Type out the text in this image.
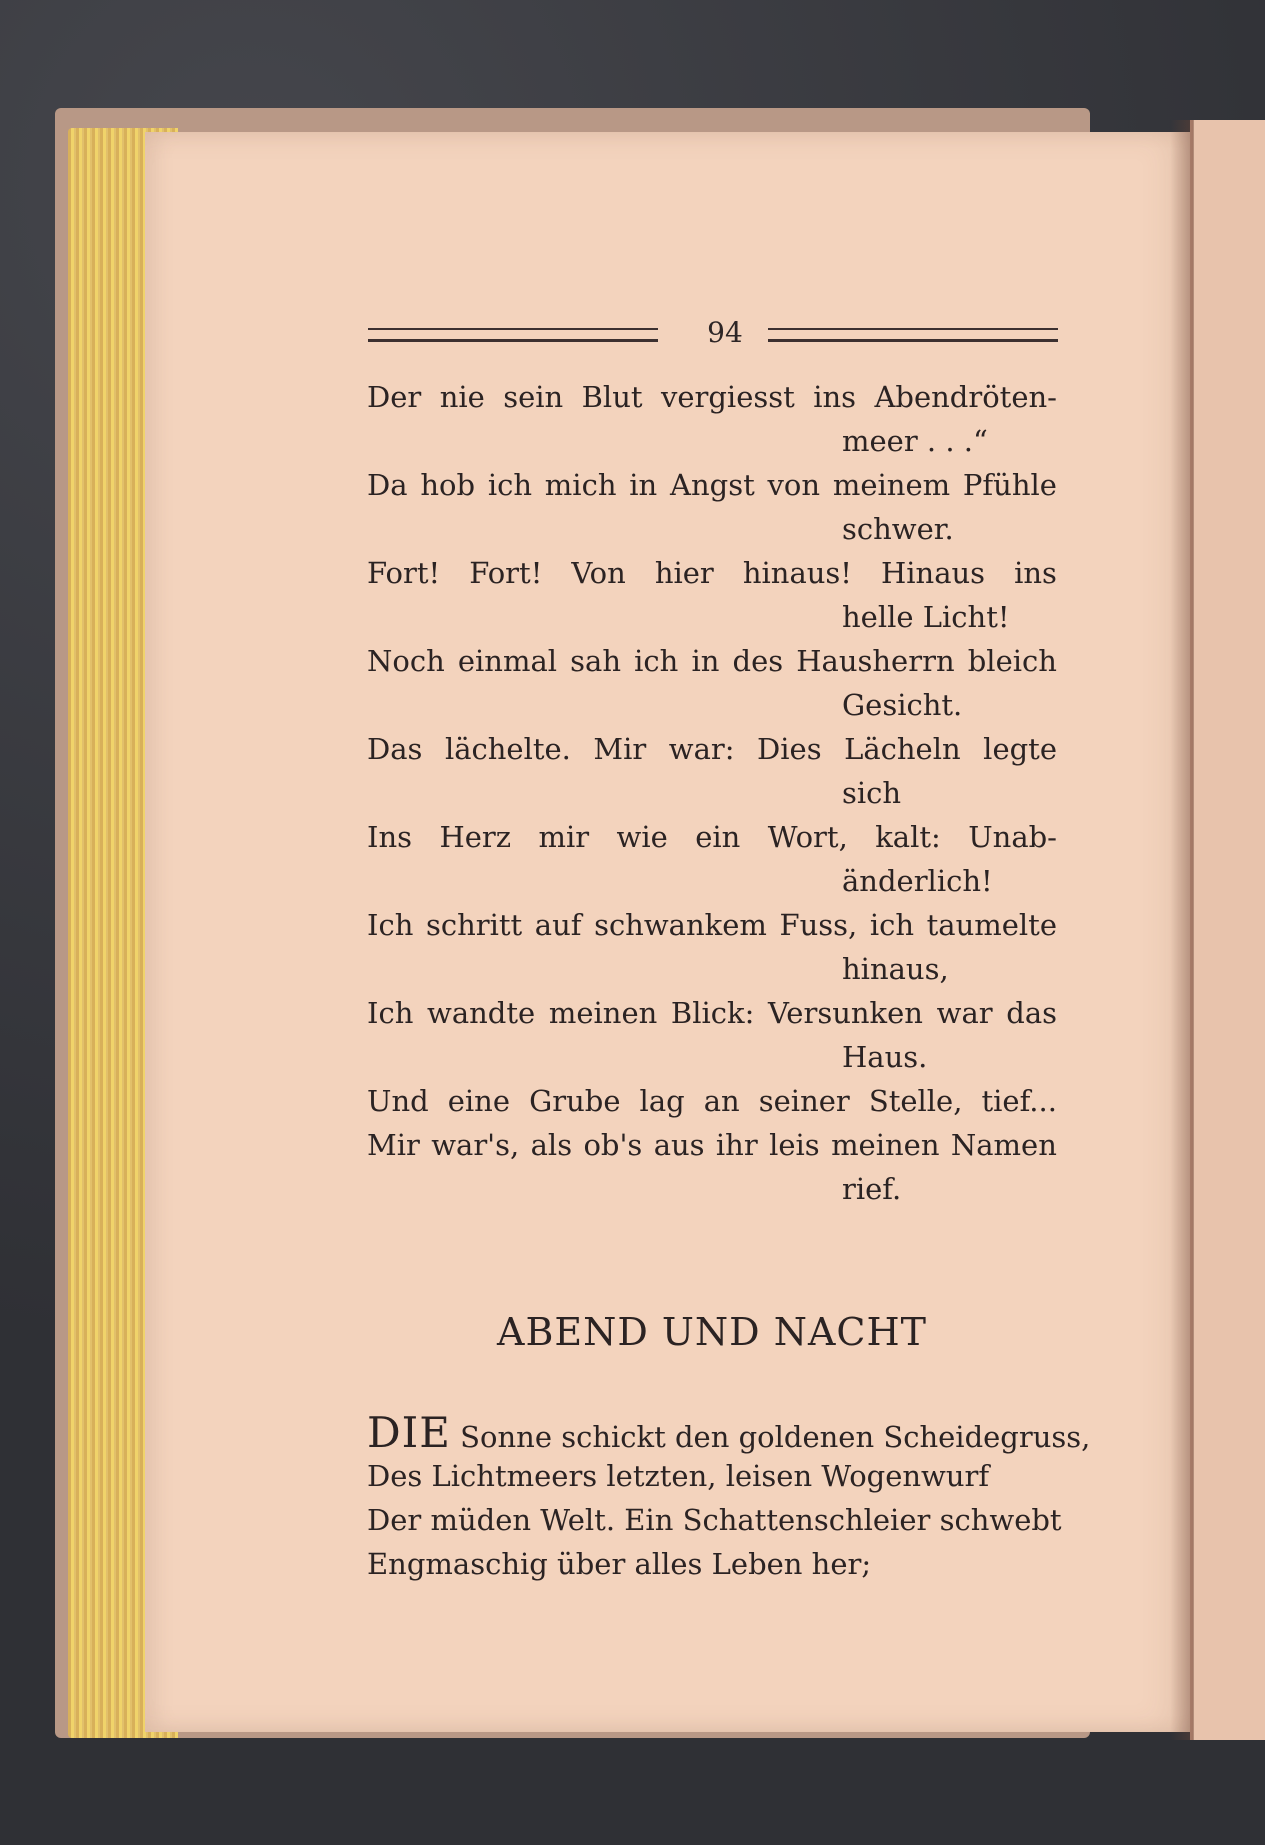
94
Der nie sein Blut vergiesst ins Abendröten-
meer . . .“
Da hob ich mich in Angst von meinem Pfühle
schwer.
Fort! Fort! Von hier hinaus! Hinaus ins
helle Licht!
Noch einmal sah ich in des Hausherrn bleich
Gesicht.
Das lächelte. Mir war: Dies Lächeln legte
sich
Ins Herz mir wie ein Wort, kalt: Unab-
änderlich!
Ich schritt auf schwankem Fuss, ich taumelte
hinaus,
Ich wandte meinen Blick: Versunken war das
Haus.
Und eine Grube lag an seiner Stelle, tief...
Mir war's, als ob's aus ihr leis meinen Namen
rief.
ABEND UND NACHT
DIE Sonne schickt den goldenen Scheidegruss,
Des Lichtmeers letzten, leisen Wogenwurf
Der müden Welt. Ein Schattenschleier schwebt
Engmaschig über alles Leben her;
